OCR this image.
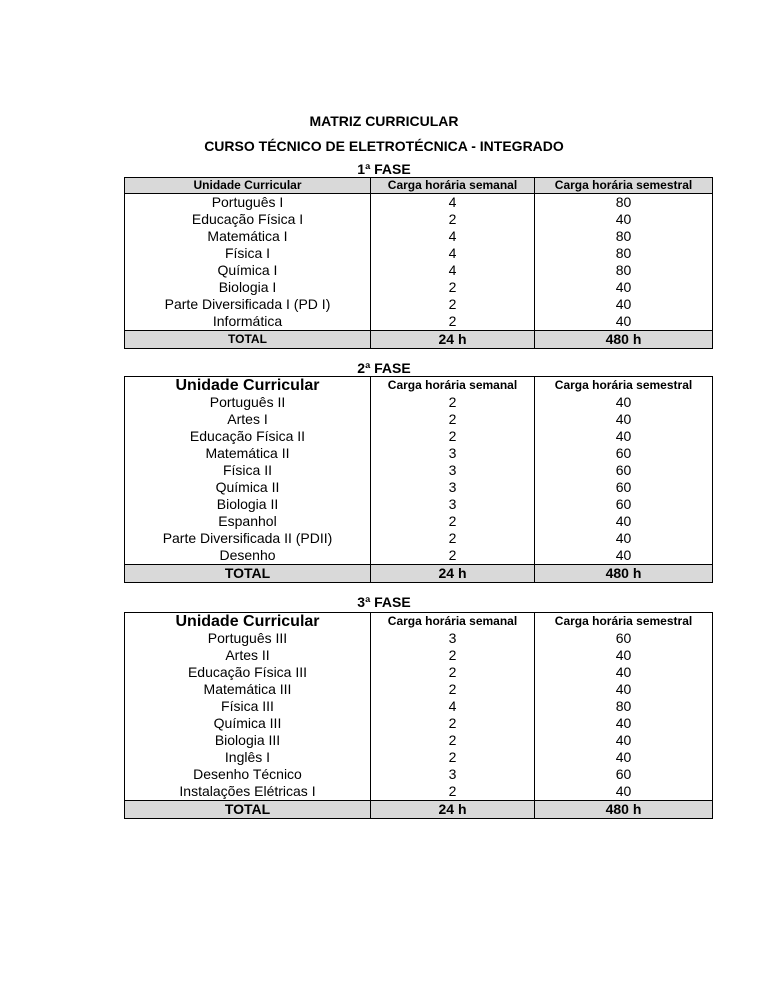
MATRIZ CURRICULAR
CURSO TÉCNICO DE ELETROTÉCNICA - INTEGRADO
1ª FASE
Unidade Curricular	Carga horária semanal	Carga horária semestral
Português I	4	80
Educação Física I	2	40
Matemática I	4	80
Física I	4	80
Química I	4	80
Biologia I	2	40
Parte Diversificada I (PD I)	2	40
Informática	2	40
TOTAL	24 h	480 h
2ª FASE
Unidade Curricular	Carga horária semanal	Carga horária semestral
Português II	2	40
Artes I	2	40
Educação Física II	2	40
Matemática II	3	60
Física II	3	60
Química II	3	60
Biologia II	3	60
Espanhol	2	40
Parte Diversificada II (PDII)	2	40
Desenho	2	40
TOTAL	24 h	480 h
3ª FASE
Unidade Curricular	Carga horária semanal	Carga horária semestral
Português III	3	60
Artes II	2	40
Educação Física III	2	40
Matemática III	2	40
Física III	4	80
Química III	2	40
Biologia III	2	40
Inglês I	2	40
Desenho Técnico	3	60
Instalações Elétricas I	2	40
TOTAL	24 h	480 h
